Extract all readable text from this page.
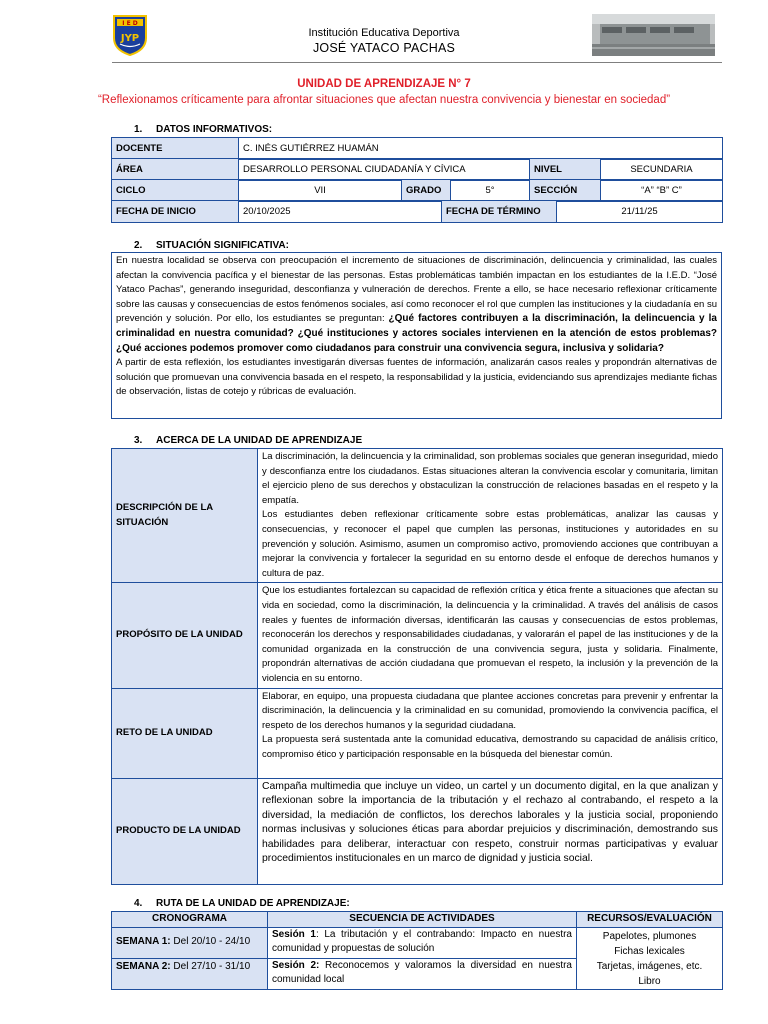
I E D
JYP	Institución Educativa Deportiva
JOSÉ YATACO PACHAS
UNIDAD DE APRENDIZAJE N° 7
“Reflexionamos críticamente para afrontar situaciones que afectan nuestra convivencia y bienestar en sociedad”
1. DATOS INFORMATIVOS:
DOCENTE	C. INÉS GUTIÉRREZ HUAMÁN
ÁREA	DESARROLLO PERSONAL CIUDADANÍA Y CÍVICA	NIVEL	SECUNDARIA
CICLO	VII	GRADO	5°	SECCIÓN	“A” “B” C”
FECHA DE INICIO	20/10/2025	FECHA DE TÉRMINO	21/11/25
2. SITUACIÓN SIGNIFICATIVA:
En nuestra localidad se observa con preocupación el incremento de situaciones de discriminación, delincuencia y criminalidad, las cuales afectan la convivencia pacífica y el bienestar de las personas. Estas problemáticas también impactan en los estudiantes de la I.E.D. “José Yataco Pachas”, generando inseguridad, desconfianza y vulneración de derechos. Frente a ello, se hace necesario reflexionar críticamente sobre las causas y consecuencias de estos fenómenos sociales, así como reconocer el rol que cumplen las instituciones y la ciudadanía en su prevención y solución. Por ello, los estudiantes se preguntan: ¿Qué factores contribuyen a la discriminación, la delincuencia y la criminalidad en nuestra comunidad? ¿Qué instituciones y actores sociales intervienen en la atención de estos problemas? ¿Qué acciones podemos promover como ciudadanos para construir una convivencia segura, inclusiva y solidaria?
A partir de esta reflexión, los estudiantes investigarán diversas fuentes de información, analizarán casos reales y propondrán alternativas de solución que promuevan una convivencia basada en el respeto, la responsabilidad y la justicia, evidenciando sus aprendizajes mediante fichas de observación, listas de cotejo y rúbricas de evaluación.
3. ACERCA DE LA UNIDAD DE APRENDIZAJE
DESCRIPCIÓN DE LA SITUACIÓN	La discriminación, la delincuencia y la criminalidad, son problemas sociales que generan inseguridad, miedo y desconfianza entre los ciudadanos. Estas situaciones alteran la convivencia escolar y comunitaria, limitan el ejercicio pleno de sus derechos y obstaculizan la construcción de relaciones basadas en el respeto y la empatía.
Los estudiantes deben reflexionar críticamente sobre estas problemáticas, analizar las causas y consecuencias, y reconocer el papel que cumplen las personas, instituciones y autoridades en su prevención y solución. Asimismo, asumen un compromiso activo, promoviendo acciones que contribuyan a mejorar la convivencia y fortalecer la seguridad en su entorno desde el enfoque de derechos humanos y cultura de paz.

PROPÓSITO DE LA UNIDAD	Que los estudiantes fortalezcan su capacidad de reflexión crítica y ética frente a situaciones que afectan su vida en sociedad, como la discriminación, la delincuencia y la criminalidad. A través del análisis de casos reales y fuentes de información diversas, identificarán las causas y consecuencias de estos problemas, reconocerán los derechos y responsabilidades ciudadanas, y valorarán el papel de las instituciones y de la comunidad organizada en la construcción de una convivencia segura, justa y solidaria. Finalmente, propondrán alternativas de acción ciudadana que promuevan el respeto, la inclusión y la prevención de la violencia en su entorno.
RETO DE LA UNIDAD	Elaborar, en equipo, una propuesta ciudadana que plantee acciones concretas para prevenir y enfrentar la discriminación, la delincuencia y la criminalidad en su comunidad, promoviendo la convivencia pacífica, el respeto de los derechos humanos y la seguridad ciudadana.
La propuesta será sustentada ante la comunidad educativa, demostrando su capacidad de análisis crítico, compromiso ético y participación responsable en la búsqueda del bienestar común.

PRODUCTO DE LA UNIDAD	Campaña multimedia que incluye un video, un cartel y un documento digital, en la que analizan y reflexionan sobre la importancia de la tributación y el rechazo al contrabando, el respeto a la diversidad, la mediación de conflictos, los derechos laborales y la justicia social, proponiendo normas inclusivas y soluciones éticas para abordar prejuicios y discriminación, demostrando sus habilidades para deliberar, interactuar con respeto, construir normas participativas y evaluar procedimientos institucionales en un marco de dignidad y justicia social.
4. RUTA DE LA UNIDAD DE APRENDIZAJE:
CRONOGRAMA	SECUENCIA DE ACTIVIDADES	RECURSOS/EVALUACIÓN
SEMANA 1: Del 20/10 - 24/10	Sesión 1: La tributación y el contrabando: Impacto en nuestra comunidad y propuestas de solución	Papelotes, plumones
Fichas lexicales
Tarjetas, imágenes, etc.
Libro

SEMANA 2: Del 27/10 - 31/10	Sesión 2: Reconocemos y valoramos la diversidad en nuestra comunidad local	
